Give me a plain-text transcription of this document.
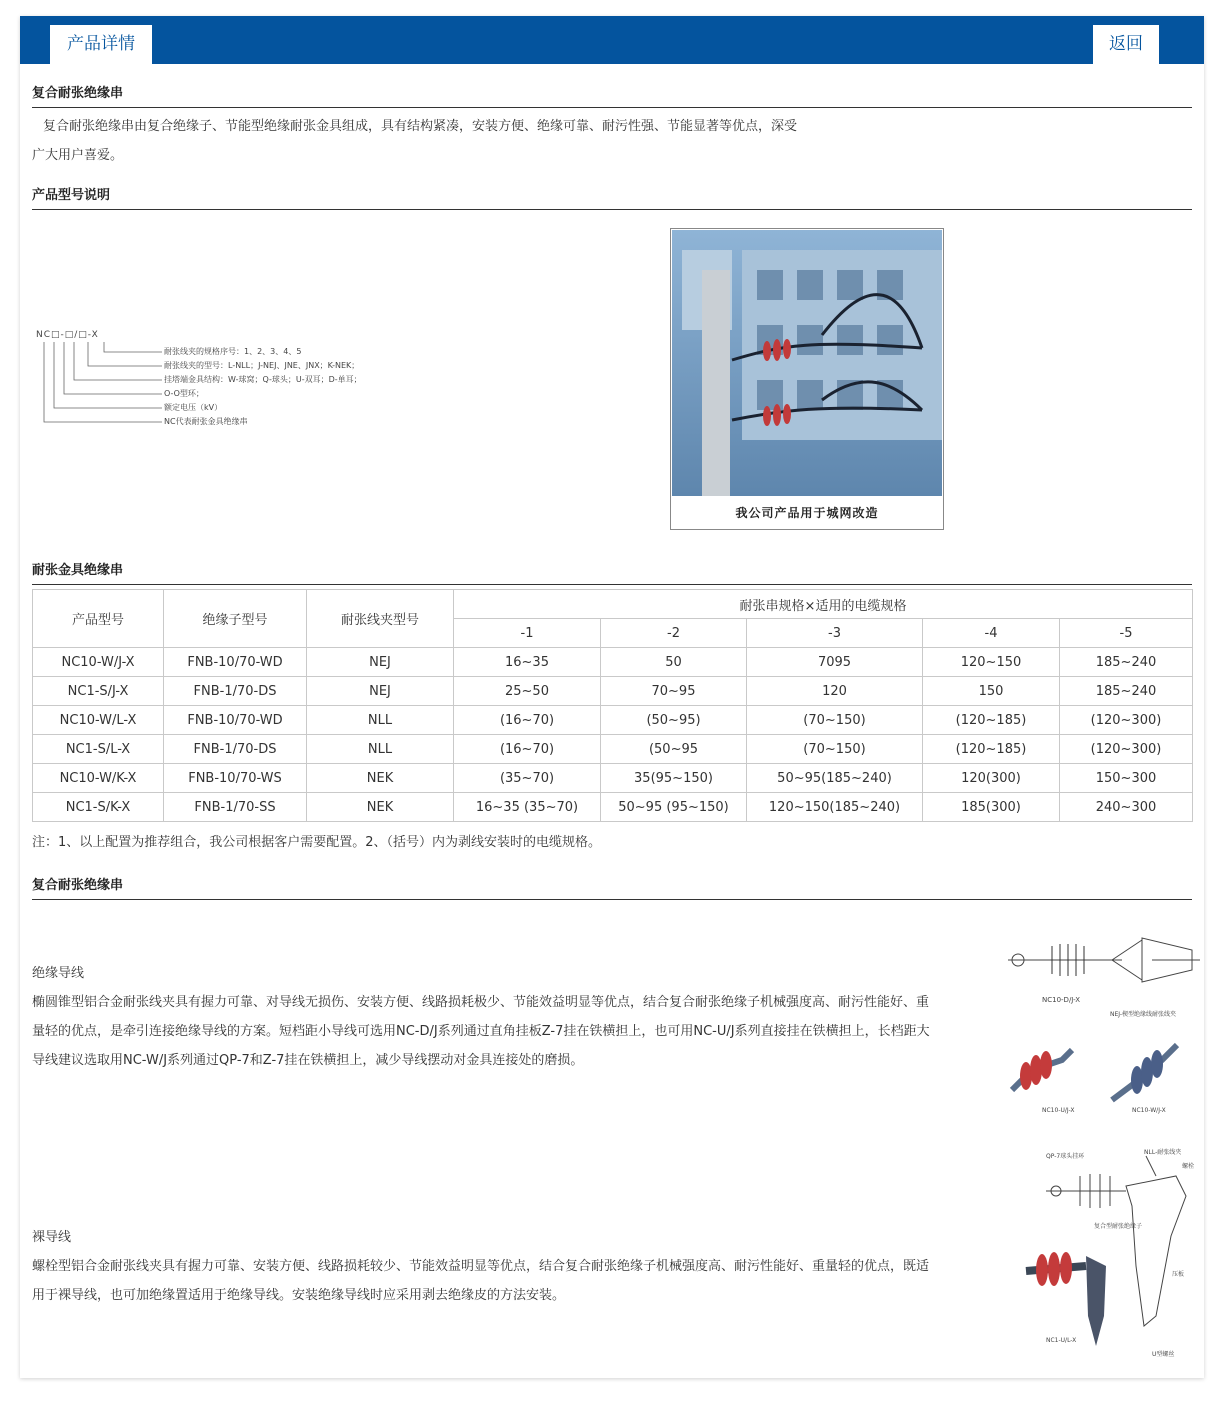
产品详情	返回
复合耐张绝缘串
复合耐张绝缘串由复合绝缘子、节能型绝缘耐张金具组成，具有结构紧凑，安装方便、绝缘可靠、耐污性强、节能显著等优点，深受
广大用户喜爱。
产品型号说明
NC□-□/□-X
耐张线夹的规格序号：1、2、3、4、5
耐张线夹的型号：L-NLL；J-NEJ、JNE、JNX；K-NEK；
挂塔端金具结构：W-球窝；Q-球头；U-双耳；D-单耳；
O-O型环；
额定电压（kV）
NC代表耐张金具绝缘串
我公司产品用于城网改造
耐张金具绝缘串
产品型号	绝缘子型号	耐张线夹型号	耐张串规格×适用的电缆规格				
			-1	-2	-3	-4	-5
NC10-W/J-X	FNB-10/70-WD	NEJ	16~35	50	7095	120~150	185~240
NC1-S/J-X	FNB-1/70-DS	NEJ	25~50	70~95	120	150	185~240
NC10-W/L-X	FNB-10/70-WD	NLL	(16~70)	(50~95)	(70~150)	(120~185)	(120~300)
NC1-S/L-X	FNB-1/70-DS	NLL	(16~70)	(50~95	(70~150)	(120~185)	(120~300)
NC10-W/K-X	FNB-10/70-WS	NEK	(35~70)	35(95~150)	50~95(185~240)	120(300)	150~300
NC1-S/K-X	FNB-1/70-SS	NEK	16~35 (35~70)	50~95 (95~150)	120~150(185~240)	185(300)	240~300
注：1、以上配置为推荐组合，我公司根据客户需要配置。2、（括号）内为剥线安装时的电缆规格。
复合耐张绝缘串
绝缘导线
椭圆锥型铝合金耐张线夹具有握力可靠、对导线无损伤、安装方便、线路损耗极少、节能效益明显等优点，结合复合耐张绝缘子机械强度高、耐污性能好、重
量轻的优点，是牵引连接绝缘导线的方案。短档距小导线可选用NC-D/J系列通过直角挂板Z-7挂在铁横担上，也可用NC-U/J系列直接挂在铁横担上，长档距大
导线建议选取用NC-W/J系列通过QP-7和Z-7挂在铁横担上，减少导线摆动对金具连接处的磨损。
NC10-D/J-X
NEJ-楔型绝缘线耐张线夹
NC10-U/J-X	NC10-W/J-X
裸导线
螺栓型铝合金耐张线夹具有握力可靠、安装方便、线路损耗较少、节能效益明显等优点，结合复合耐张绝缘子机械强度高、耐污性能好、重量轻的优点，既适
用于裸导线，也可加绝缘置适用于绝缘导线。安装绝缘导线时应采用剥去绝缘皮的方法安装。
QP-7球头挂环
NLL-耐张线夹
螺栓
复合型耐张绝缘子
压板
NC1-U/L-X
U型螺丝
